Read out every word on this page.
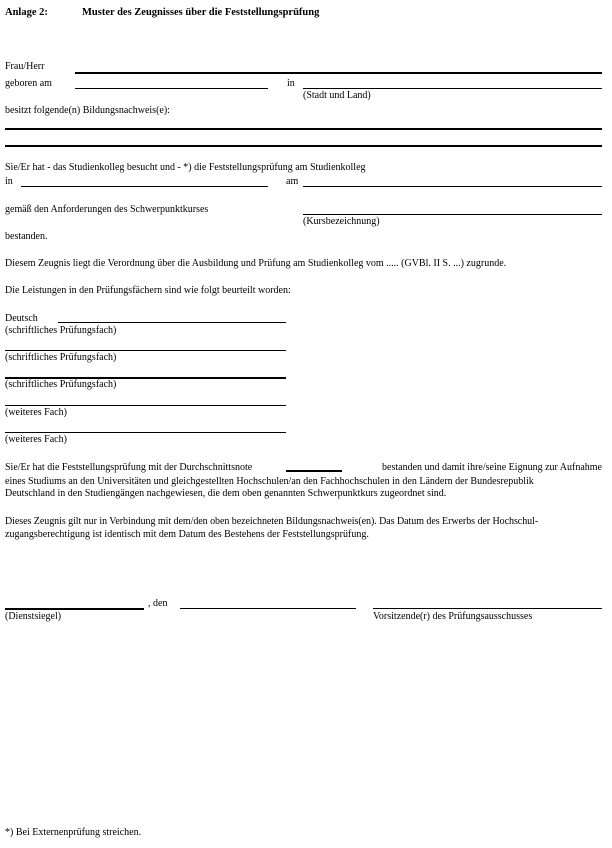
Anlage 2:	Muster des Zeugnisses über die Feststellungsprüfung
Frau/Herr
geboren am	in
(Stadt und Land)
besitzt folgende(n) Bildungsnachweis(e):
Sie/Er hat - das Studienkolleg besucht und - *) die Feststellungsprüfung am Studienkolleg
in	am
gemäß den Anforderungen des Schwerpunktkurses
(Kursbezeichnung)
bestanden.
Diesem Zeugnis liegt die Verordnung über die Ausbildung und Prüfung am Studienkolleg vom ..... (GVBl. II S. ...) zugrunde.
Die Leistungen in den Prüfungsfächern sind wie folgt beurteilt worden:
Deutsch
(schriftliches Prüfungsfach)
(schriftliches Prüfungsfach)
(schriftliches Prüfungsfach)
(weiteres Fach)
(weiteres Fach)
Sie/Er hat die Feststellungsprüfung mit der Durchschnittsnote	bestanden und damit ihre/seine Eignung zur Aufnahme
eines Studiums an den Universitäten und gleichgestellten Hochschulen/an den Fachhochschulen in den Ländern der Bundesrepublik
Deutschland in den Studiengängen nachgewiesen, die dem oben genannten Schwerpunktkurs zugeordnet sind.
Dieses Zeugnis gilt nur in Verbindung mit dem/den oben bezeichneten Bildungsnachweis(en). Das Datum des Erwerbs der Hochschul-
zugangsberechtigung ist identisch mit dem Datum des Bestehens der Feststellungsprüfung.
, den
(Dienstsiegel)	Vorsitzende(r) des Prüfungsausschusses
*) Bei Externenprüfung streichen.
